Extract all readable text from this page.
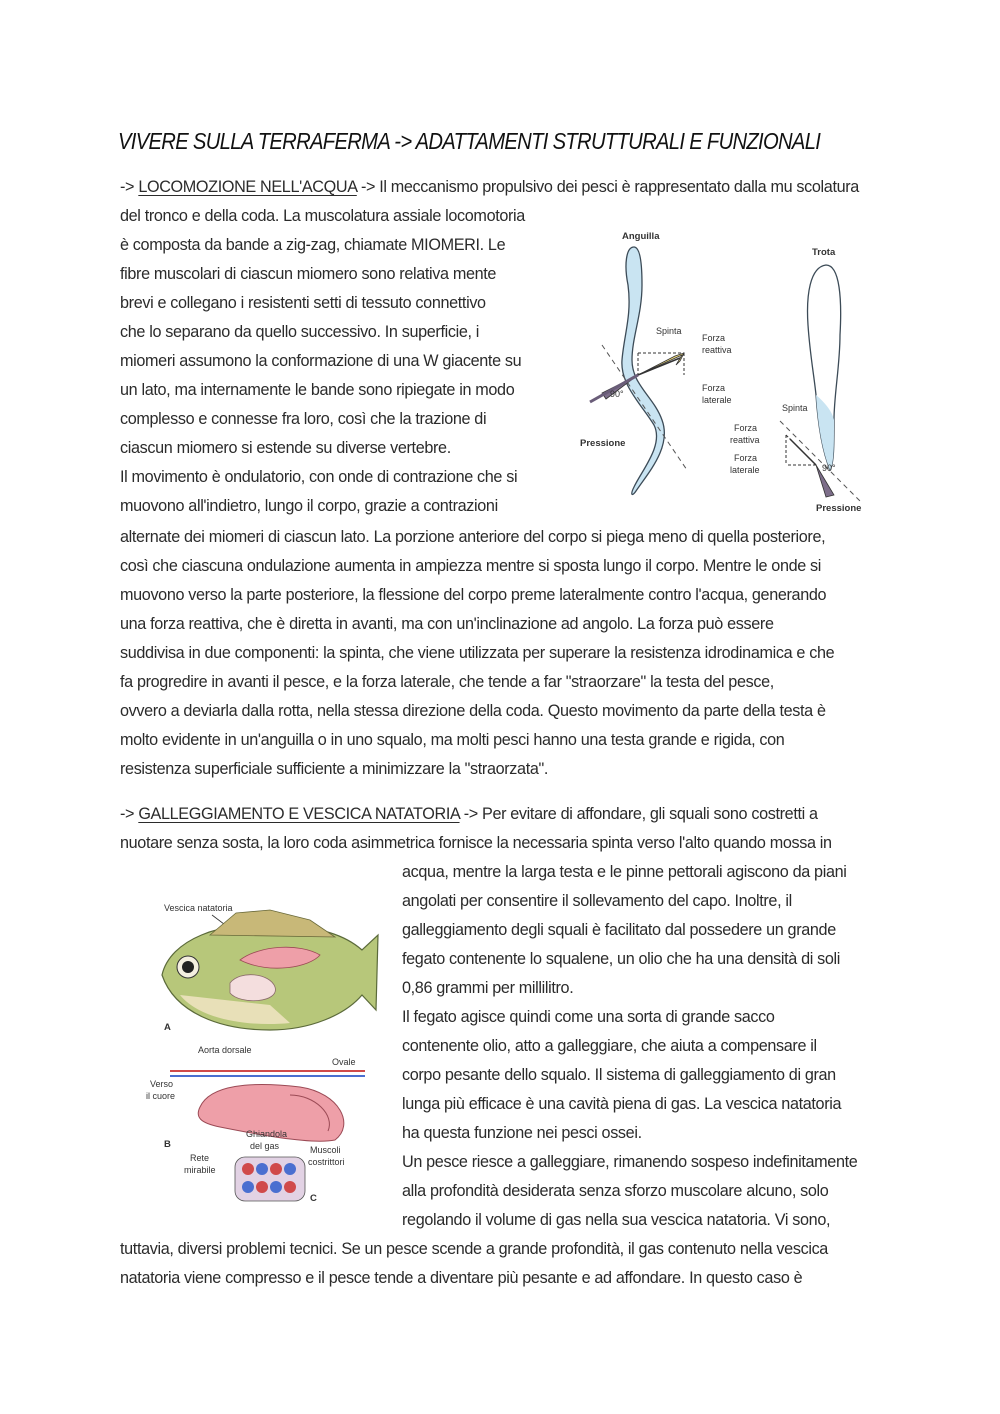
VIVERE SULLA TERRAFERMA -> ADATTAMENTI STRUTTURALI E FUNZIONALI
-> LOCOMOZIONE NELL'ACQUA -> Il meccanismo propulsivo dei pesci è rappresentato dalla mu scolatura
del tronco e della coda. La muscolatura assiale locomotoria
è composta da bande a zig-zag, chiamate MIOMERI. Le
fibre muscolari di ciascun miomero sono relativa mente
brevi e collegano i resistenti setti di tessuto connettivo
che lo separano da quello successivo. In superficie, i
miomeri assumono la conformazione di una W giacente su
un lato, ma internamente le bande sono ripiegate in modo
complesso e connesse fra loro, così che la trazione di
ciascun miomero si estende su diverse vertebre.
Il movimento è ondulatorio, con onde di contrazione che si
muovono all'indietro, lungo il corpo, grazie a contrazioni
alternate dei miomeri di ciascun lato. La porzione anteriore del corpo si piega meno di quella posteriore,
così che ciascuna ondulazione aumenta in ampiezza mentre si sposta lungo il corpo. Mentre le onde si
muovono verso la parte posteriore, la flessione del corpo preme lateralmente contro l'acqua, generando
una forza reattiva, che è diretta in avanti, ma con un'inclinazione ad angolo. La forza può essere
suddivisa in due componenti: la spinta, che viene utilizzata per superare la resistenza idrodinamica e che
fa progredire in avanti il pesce, e la forza laterale, che tende a far "straorzare" la testa del pesce,
ovvero a deviarla dalla rotta, nella stessa direzione della coda. Questo movimento da parte della testa è
molto evidente in un'anguilla o in uno squalo, ma molti pesci hanno una testa grande e rigida, con
resistenza superficiale sufficiente a minimizzare la "straorzata".
Anguilla
Spinta
Forza
reattiva
Forza
laterale
90°
Pressione
Trota
Spinta
Forza
reattiva
Forza
laterale	90°
Pressione
-> GALLEGGIAMENTO E VESCICA NATATORIA -> Per evitare di affondare, gli squali sono costretti a
nuotare senza sosta, la loro coda asimmetrica fornisce la necessaria spinta verso l'alto quando mossa in
acqua, mentre la larga testa e le pinne pettorali agiscono da piani
angolati per consentire il sollevamento del capo. Inoltre, il
galleggiamento degli squali è facilitato dal possedere un grande
fegato contenente lo squalene, un olio che ha una densità di soli
0,86 grammi per millilitro.
Il fegato agisce quindi come una sorta di grande sacco
contenente olio, atto a galleggiare, che aiuta a compensare il
corpo pesante dello squalo. Il sistema di galleggiamento di gran
lunga più efficace è una cavità piena di gas. La vescica natatoria
ha questa funzione nei pesci ossei.
Un pesce riesce a galleggiare, rimanendo sospeso indefinitamente
alla profondità desiderata senza sforzo muscolare alcuno, solo
regolando il volume di gas nella sua vescica natatoria. Vi sono,
tuttavia, diversi problemi tecnici. Se un pesce scende a grande profondità, il gas contenuto nella vescica
natatoria viene compresso e il pesce tende a diventare più pesante e ad affondare. In questo caso è
Vescica natatoria
A
Aorta dorsale
Ovale
Verso
il cuore
B
Ghiandola
del gas	Muscoli
costrittori
Rete
mirabile
C
